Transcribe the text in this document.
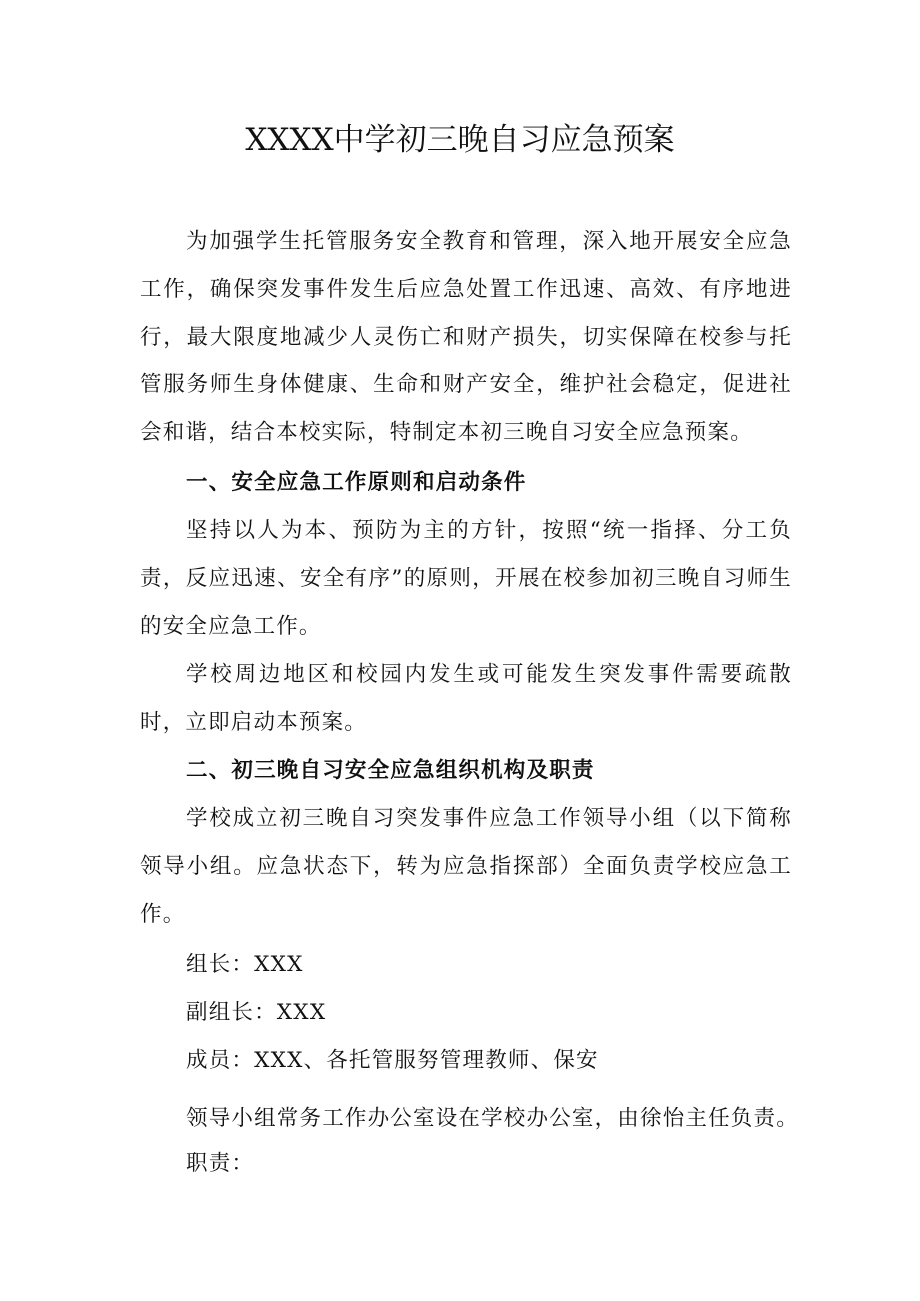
XXXX中学初三晚自习应急预案

为加强学生托管服务安全教育和管理，深入地开展安全应急工作，确保突发事件发生后应急处置工作迅速、高效、有序地进行，最大限度地减少人灵伤亡和财产损失，切实保障在校参与托管服务师生身体健康、生命和财产安全，维护社会稳定，促进社会和谐，结合本校实际，特制定本初三晚自习安全应急预案。

一、安全应急工作原则和启动条件

坚持以人为本、预防为主的方针，按照“统一指择、分工负责，反应迅速、安全有序”的原则，开展在校参加初三晚自习师生的安全应急工作。

学校周边地区和校园内发生或可能发生突发事件需要疏散时，立即启动本预案。

二、初三晚自习安全应急组织机构及职责

学校成立初三晚自习突发事件应急工作领导小组（以下简称领导小组。应急状态下，转为应急指探部）全面负责学校应急工作。

组长：XXX

副组长：XXX

成员：XXX、各托管服努管理教师、保安

领导小组常务工作办公室设在学校办公室，由徐怡主任负责。

职责：
